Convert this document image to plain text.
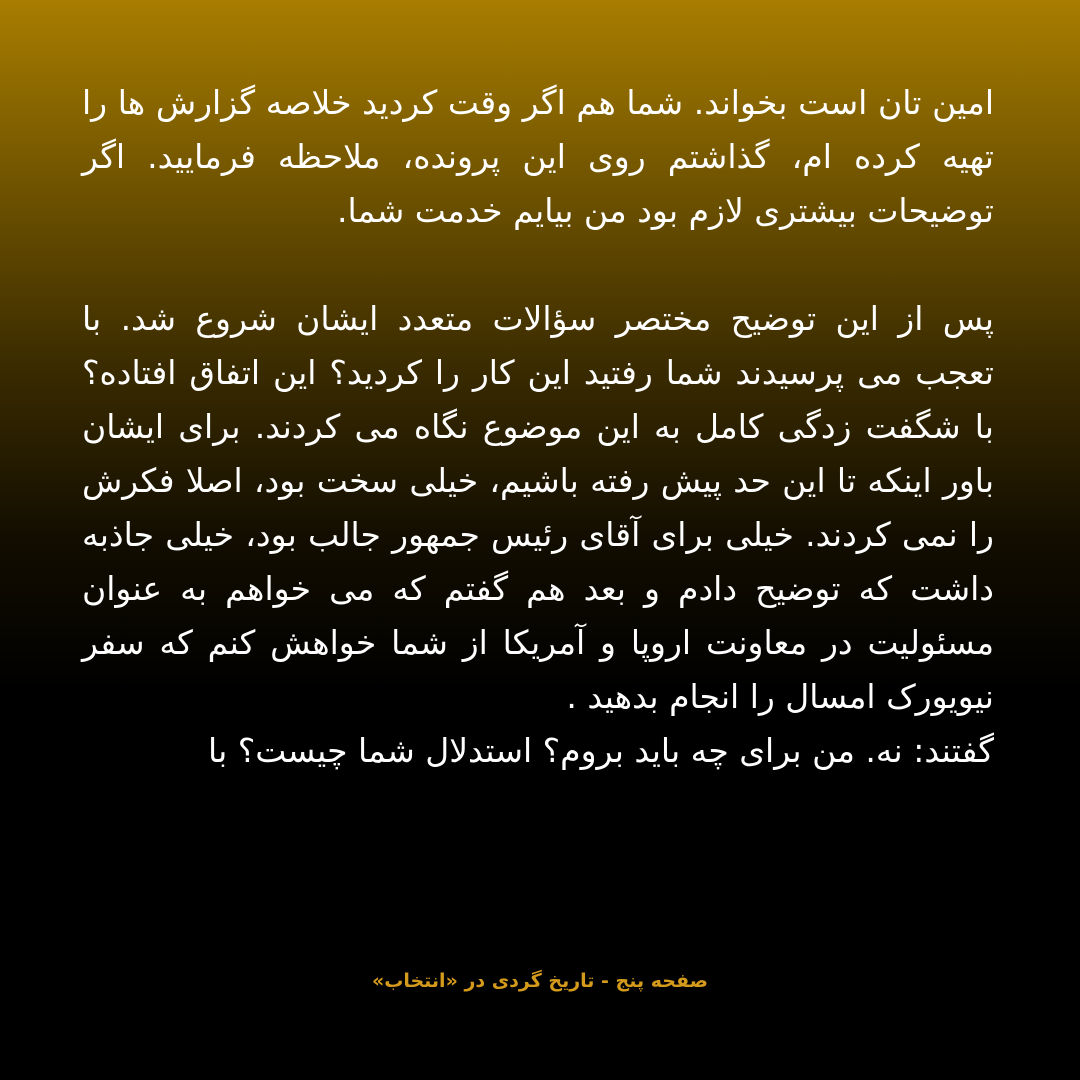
امین تان است بخواند. شما هم اگر وقت کردید خلاصه گزارش ها را تهیه کرده ام، گذاشتم روی این پرونده، ملاحظه فرمایید. اگر توضیحات بیشتری لازم بود من بیایم خدمت شما.

پس از این توضیح مختصر سؤالات متعدد ایشان شروع شد. با تعجب می پرسیدند شما رفتید این کار را کردید؟ این اتفاق افتاده؟ با شگفت زدگی کامل به این موضوع نگاه می کردند. برای ایشان باور اینکه تا این حد پیش رفته باشیم، خیلی سخت بود، اصلا فکرش را نمی کردند. خیلی برای آقای رئیس جمهور جالب بود، خیلی جاذبه داشت که توضیح دادم و بعد هم گفتم که می خواهم به عنوان مسئولیت در معاونت اروپا و آمریکا از شما خواهش کنم که سفر نیویورک امسال را انجام بدهید .

گفتند: نه. من برای چه باید بروم؟ استدلال شما چیست؟ با

صفحه پنج - تاریخ گردی در «انتخاب»
